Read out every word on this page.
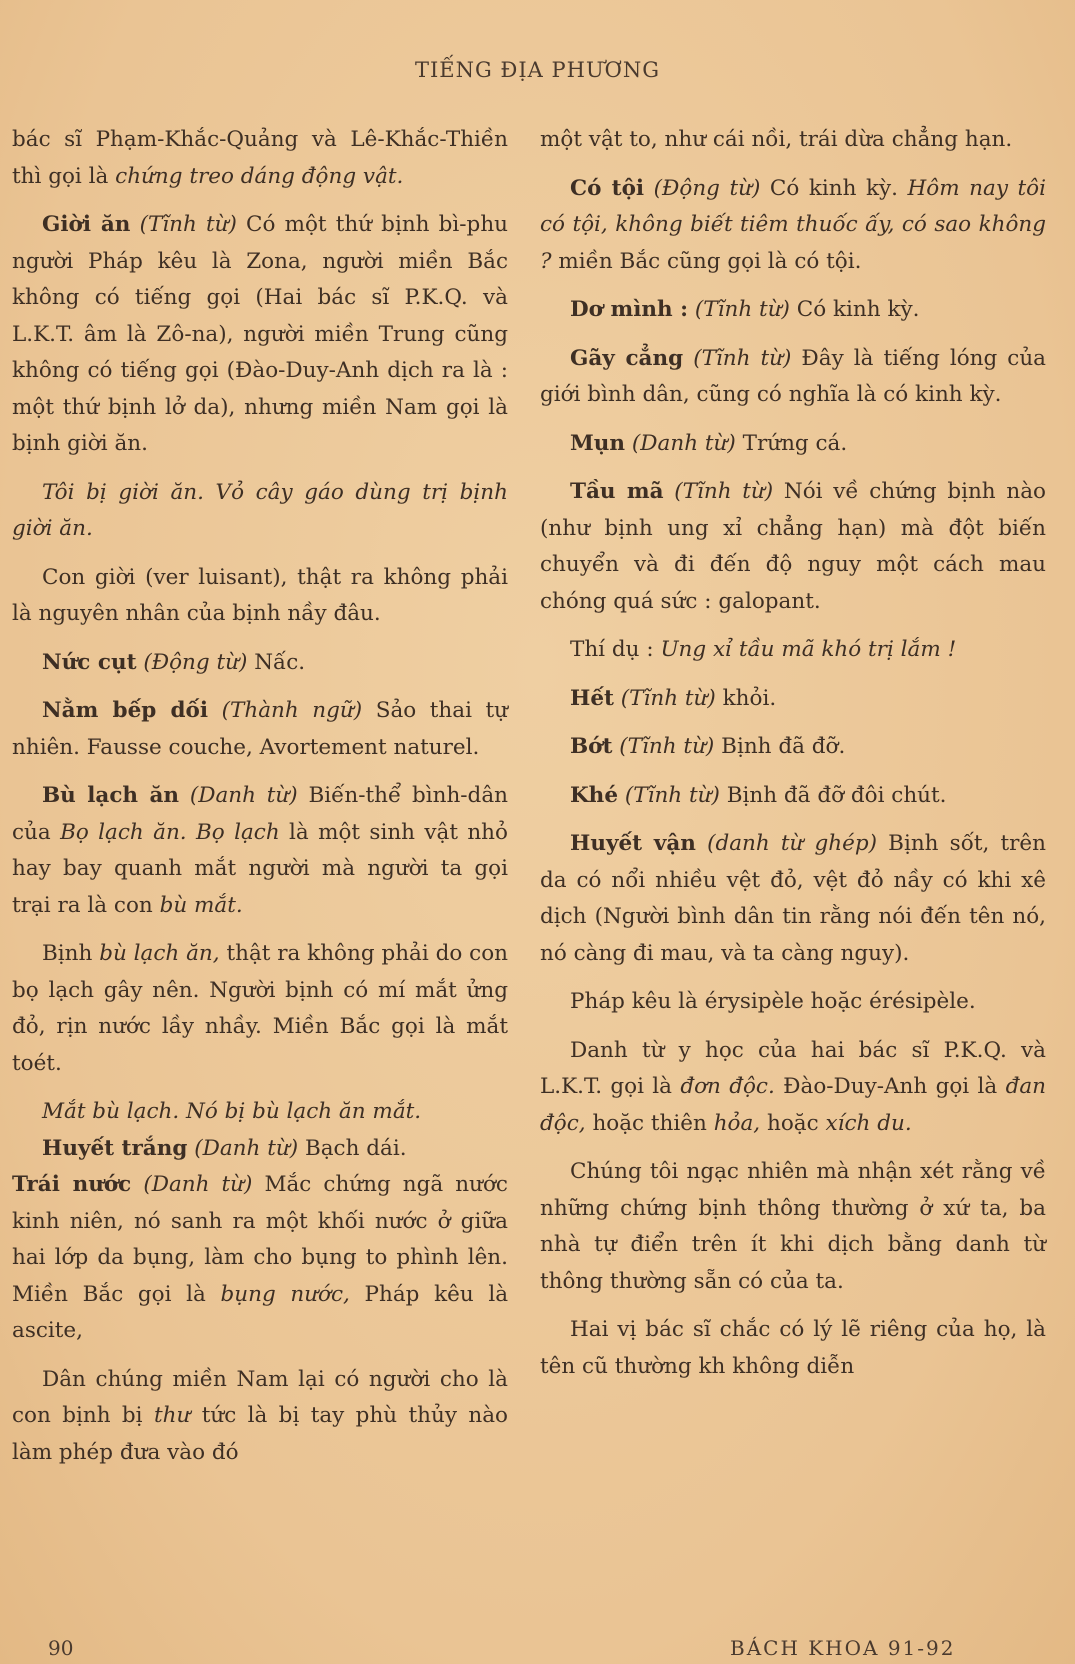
TIẾNG ĐỊA PHƯƠNG

bác sĩ Phạm-Khắc-Quảng và Lê-Khắc-Thiền thì gọi là chứng treo dáng động vật.

Giời ăn (Tĩnh từ) Có một thứ bịnh bì-phu người Pháp kêu là Zona, người miền Bắc không có tiếng gọi (Hai bác sĩ P.K.Q. và L.K.T. âm là Zô-na), người miền Trung cũng không có tiếng gọi (Đào-Duy-Anh dịch ra là : một thứ bịnh lở da), nhưng miền Nam gọi là bịnh giời ăn.

Tôi bị giời ăn. Vỏ cây gáo dùng trị bịnh giời ăn.

Con giời (ver luisant), thật ra không phải là nguyên nhân của bịnh nầy đâu.

Nức cụt (Động từ) Nấc.

Nằm bếp dối (Thành ngữ) Sảo thai tự nhiên. Fausse couche, Avortement naturel.

Bù lạch ăn (Danh từ) Biến-thể bình-dân của Bọ lạch ăn. Bọ lạch là một sinh vật nhỏ hay bay quanh mắt người mà người ta gọi trại ra là con bù mắt.

Bịnh bù lạch ăn, thật ra không phải do con bọ lạch gây nên. Người bịnh có mí mắt ửng đỏ, rịn nước lầy nhầy. Miền Bắc gọi là mắt toét.

Mắt bù lạch. Nó bị bù lạch ăn mắt.

Huyết trắng (Danh từ) Bạch dái.

Trái nước (Danh từ) Mắc chứng ngã nước kinh niên, nó sanh ra một khối nước ở giữa hai lớp da bụng, làm cho bụng to phình lên. Miền Bắc gọi là bụng nước, Pháp kêu là ascite,

Dân chúng miền Nam lại có người cho là con bịnh bị thư tức là bị tay phù thủy nào làm phép đưa vào đó

một vật to, như cái nồi, trái dừa chẳng hạn.

Có tội (Động từ) Có kinh kỳ. Hôm nay tôi có tội, không biết tiêm thuốc ấy, có sao không ? miền Bắc cũng gọi là có tội.

Dơ mình : (Tĩnh từ) Có kinh kỳ.

Gãy cẳng (Tĩnh từ) Đây là tiếng lóng của giới bình dân, cũng có nghĩa là có kinh kỳ.

Mụn (Danh từ) Trứng cá.

Tầu mã (Tĩnh từ) Nói về chứng bịnh nào (như bịnh ung xỉ chẳng hạn) mà đột biến chuyển và đi đến độ nguy một cách mau chóng quá sức : galopant.

Thí dụ : Ung xỉ tầu mã khó trị lắm !

Hết (Tĩnh từ) khỏi.

Bớt (Tĩnh từ) Bịnh đã đỡ.

Khé (Tĩnh từ) Bịnh đã đỡ đôi chút.

Huyết vận (danh từ ghép) Bịnh sốt, trên da có nổi nhiều vệt đỏ, vệt đỏ nầy có khi xê dịch (Người bình dân tin rằng nói đến tên nó, nó càng đi mau, và ta càng nguy).

Pháp kêu là érysipèle hoặc érésipèle.

Danh từ y học của hai bác sĩ P.K.Q. và L.K.T. gọi là đơn độc. Đào-Duy-Anh gọi là đan độc, hoặc thiên hỏa, hoặc xích du.

Chúng tôi ngạc nhiên mà nhận xét rằng về những chứng bịnh thông thường ở xứ ta, ba nhà tự điển trên ít khi dịch bằng danh từ thông thường sẵn có của ta.

Hai vị bác sĩ chắc có lý lẽ riêng của họ, là tên cũ thường kh không diễn

90	BÁCH KHOA 91-92
